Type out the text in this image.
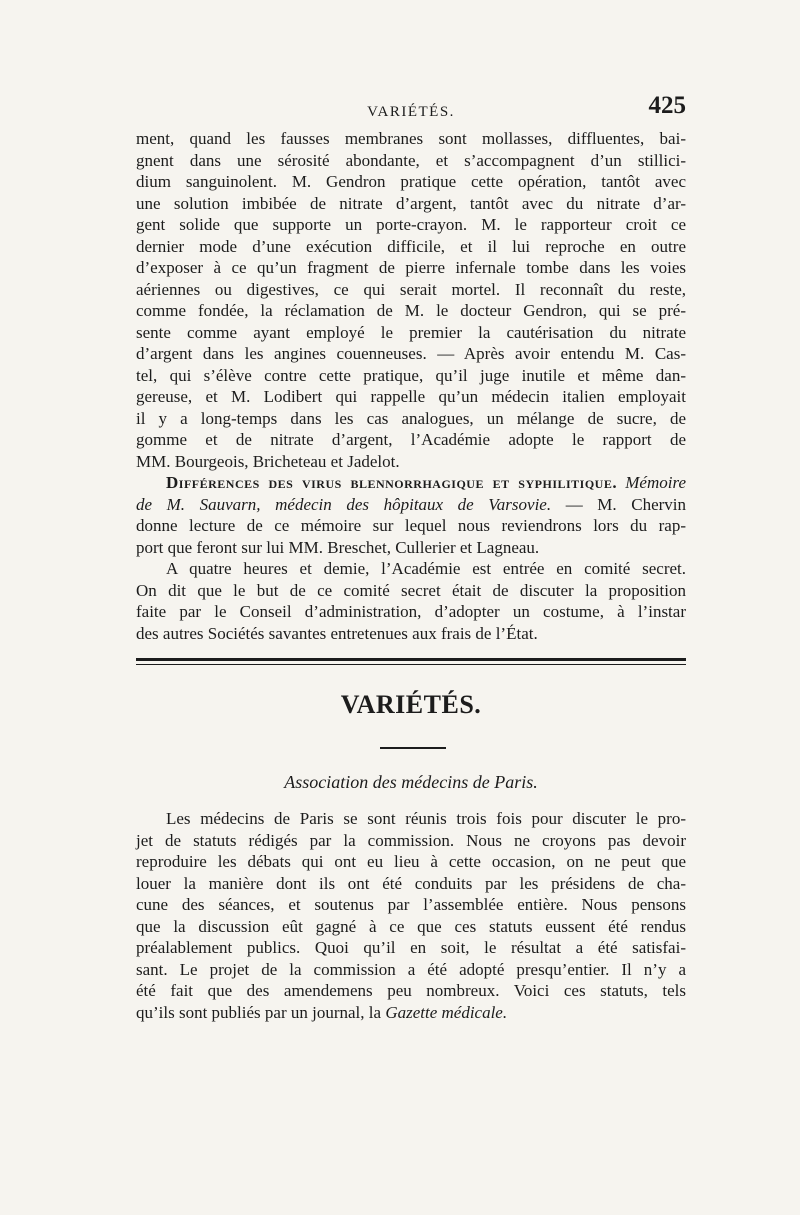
VARIÉTÉS.	425
ment, quand les fausses membranes sont mollasses, diffluentes, bai-
gnent dans une sérosité abondante, et s’accompagnent d’un stillici-
dium sanguinolent. M. Gendron pratique cette opération, tantôt avec
une solution imbibée de nitrate d’argent, tantôt avec du nitrate d’ar-
gent solide que supporte un porte-crayon. M. le rapporteur croit ce
dernier mode d’une exécution difficile, et il lui reproche en outre
d’exposer à ce qu’un fragment de pierre infernale tombe dans les voies
aériennes ou digestives, ce qui serait mortel. Il reconnaît du reste,
comme fondée, la réclamation de M. le docteur Gendron, qui se pré-
sente comme ayant employé le premier la cautérisation du nitrate
d’argent dans les angines couenneuses. — Après avoir entendu M. Cas-
tel, qui s’élève contre cette pratique, qu’il juge inutile et même dan-
gereuse, et M. Lodibert qui rappelle qu’un médecin italien employait
il y a long-temps dans les cas analogues, un mélange de sucre, de
gomme et de nitrate d’argent, l’Académie adopte le rapport de
MM. Bourgeois, Bricheteau et Jadelot.
Différences des virus blennorrhagique et syphilitique. Mémoire
de M. Sauvarn, médecin des hôpitaux de Varsovie. — M. Chervin
donne lecture de ce mémoire sur lequel nous reviendrons lors du rap-
port que feront sur lui MM. Breschet, Cullerier et Lagneau.
A quatre heures et demie, l’Académie est entrée en comité secret.
On dit que le but de ce comité secret était de discuter la proposition
faite par le Conseil d’administration, d’adopter un costume, à l’instar
des autres Sociétés savantes entretenues aux frais de l’État.
VARIÉTÉS.
Association des médecins de Paris.
Les médecins de Paris se sont réunis trois fois pour discuter le pro-
jet de statuts rédigés par la commission. Nous ne croyons pas devoir
reproduire les débats qui ont eu lieu à cette occasion, on ne peut que
louer la manière dont ils ont été conduits par les présidens de cha-
cune des séances, et soutenus par l’assemblée entière. Nous pensons
que la discussion eût gagné à ce que ces statuts eussent été rendus
préalablement publics. Quoi qu’il en soit, le résultat a été satisfai-
sant. Le projet de la commission a été adopté presqu’entier. Il n’y a
été fait que des amendemens peu nombreux. Voici ces statuts, tels
qu’ils sont publiés par un journal, la Gazette médicale.
